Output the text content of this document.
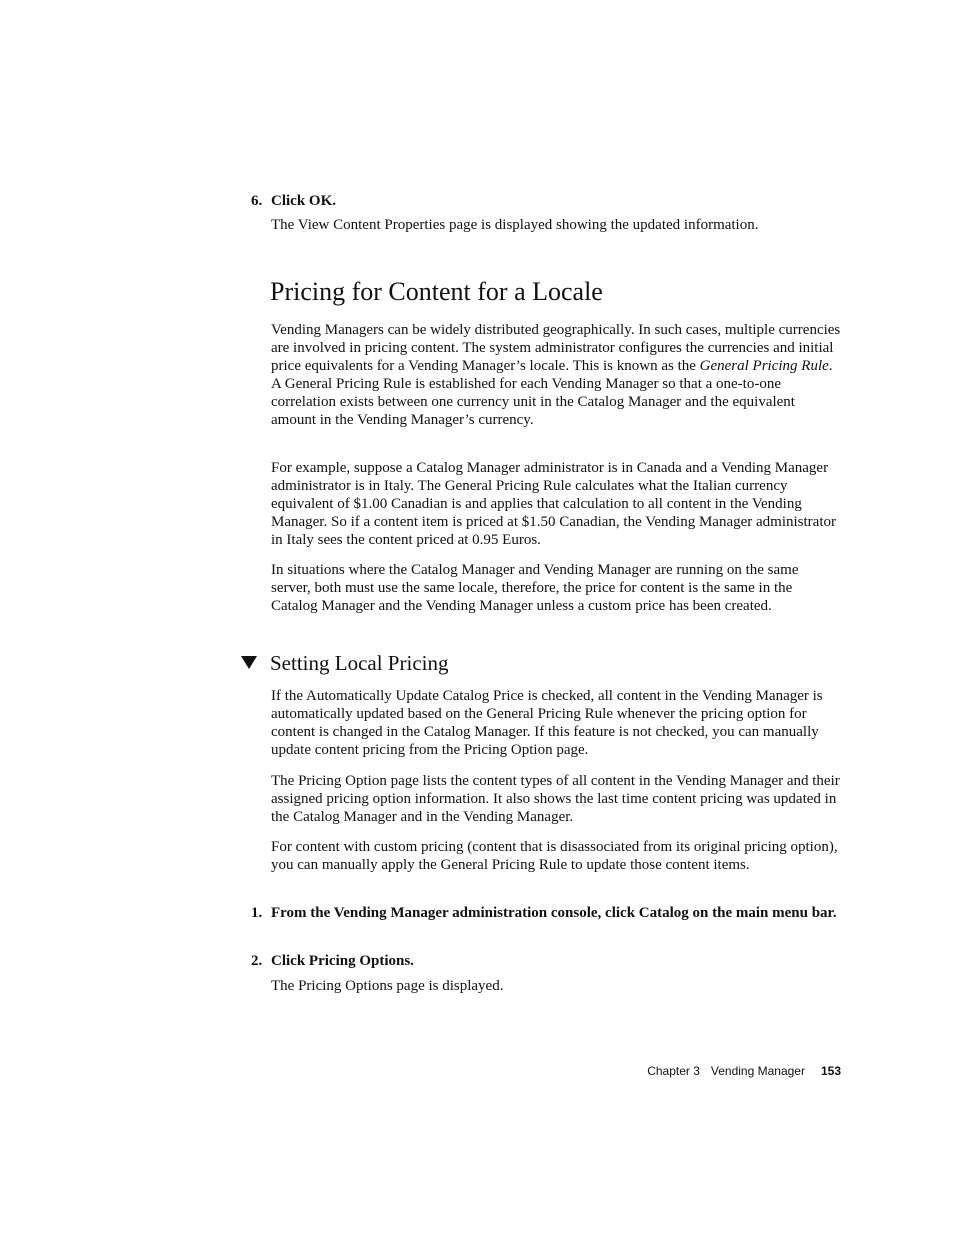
6. Click OK.
The View Content Properties page is displayed showing the updated information.
Pricing for Content for a Locale
Vending Managers can be widely distributed geographically. In such cases, multiple currencies are involved in pricing content. The system administrator configures the currencies and initial price equivalents for a Vending Manager’s locale. This is known as the General Pricing Rule. A General Pricing Rule is established for each Vending Manager so that a one-to-one correlation exists between one currency unit in the Catalog Manager and the equivalent amount in the Vending Manager’s currency.
For example, suppose a Catalog Manager administrator is in Canada and a Vending Manager administrator is in Italy. The General Pricing Rule calculates what the Italian currency equivalent of $1.00 Canadian is and applies that calculation to all content in the Vending Manager. So if a content item is priced at $1.50 Canadian, the Vending Manager administrator in Italy sees the content priced at 0.95 Euros.
In situations where the Catalog Manager and Vending Manager are running on the same server, both must use the same locale, therefore, the price for content is the same in the Catalog Manager and the Vending Manager unless a custom price has been created.
Setting Local Pricing
If the Automatically Update Catalog Price is checked, all content in the Vending Manager is automatically updated based on the General Pricing Rule whenever the pricing option for content is changed in the Catalog Manager. If this feature is not checked, you can manually update content pricing from the Pricing Option page.
The Pricing Option page lists the content types of all content in the Vending Manager and their assigned pricing option information. It also shows the last time content pricing was updated in the Catalog Manager and in the Vending Manager.
For content with custom pricing (content that is disassociated from its original pricing option), you can manually apply the General Pricing Rule to update those content items.
1. From the Vending Manager administration console, click Catalog on the main menu bar.
2. Click Pricing Options.
The Pricing Options page is displayed.
Chapter 3 Vending Manager 153
